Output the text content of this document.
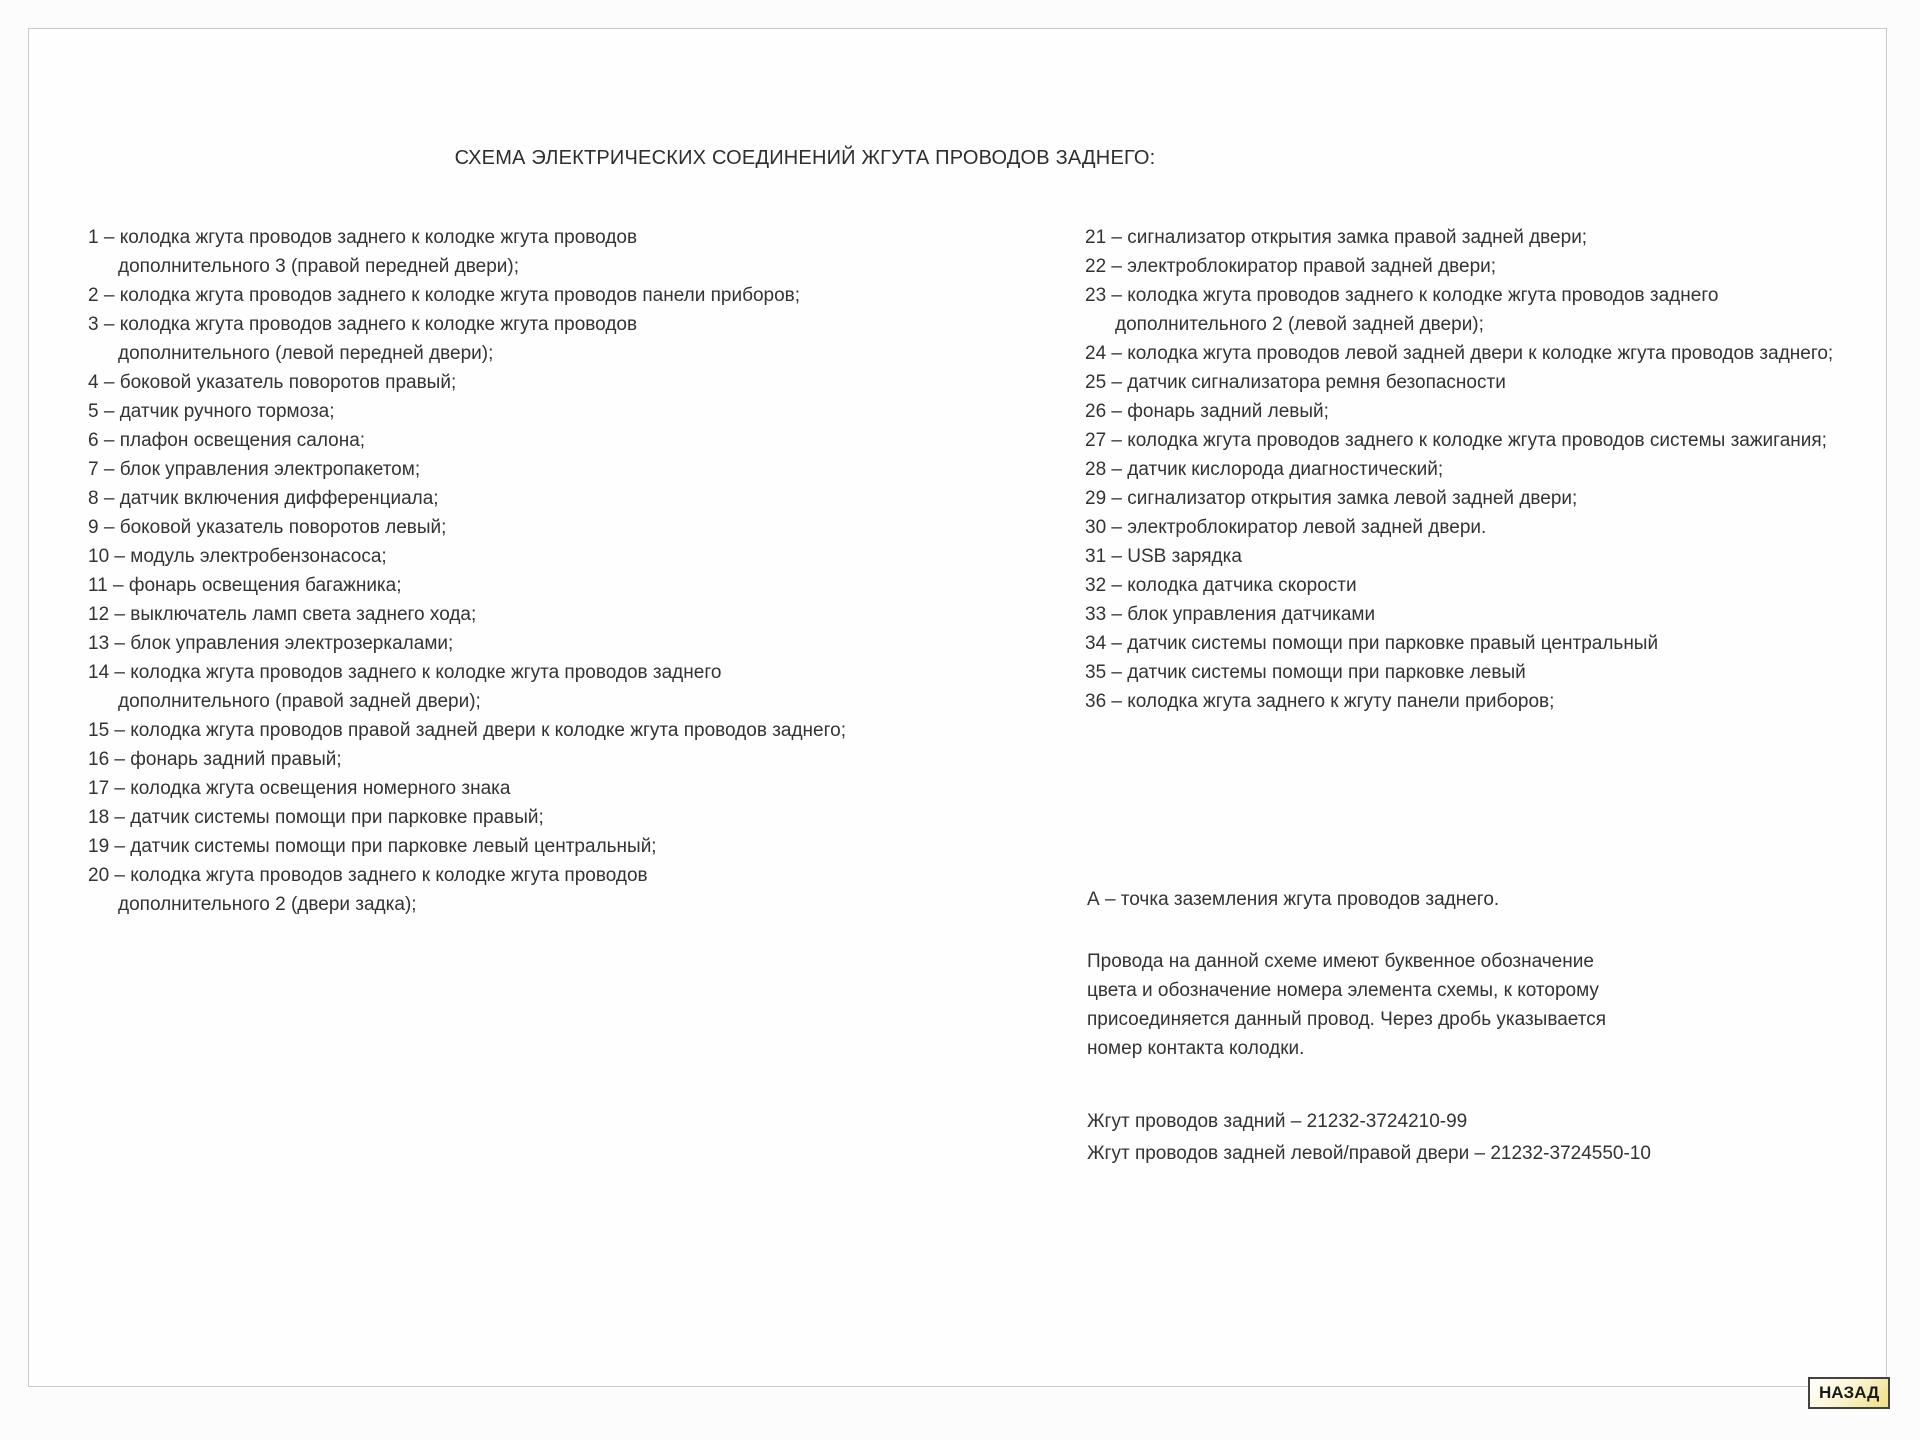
СХЕМА ЭЛЕКТРИЧЕСКИХ СОЕДИНЕНИЙ ЖГУТА ПРОВОДОВ ЗАДНЕГО:
1 – колодка жгута проводов заднего к колодке жгута проводов
дополнительного 3 (правой передней двери);
2 – колодка жгута проводов заднего к колодке жгута проводов панели приборов;
3 – колодка жгута проводов заднего к колодке жгута проводов
дополнительного (левой передней двери);
4 – боковой указатель поворотов правый;
5 – датчик ручного тормоза;
6 – плафон освещения салона;
7 – блок управления электропакетом;
8 – датчик включения дифференциала;
9 – боковой указатель поворотов левый;
10 – модуль электробензонасоса;
11 – фонарь освещения багажника;
12 – выключатель ламп света заднего хода;
13 – блок управления электрозеркалами;
14 – колодка жгута проводов заднего к колодке жгута проводов заднего
дополнительного (правой задней двери);
15 – колодка жгута проводов правой задней двери к колодке жгута проводов заднего;
16 – фонарь задний правый;
17 – колодка жгута освещения номерного знака
18 – датчик системы помощи при парковке правый;
19 – датчик системы помощи при парковке левый центральный;
20 – колодка жгута проводов заднего к колодке жгута проводов
дополнительного 2 (двери задка);
21 – сигнализатор открытия замка правой задней двери;
22 – электроблокиратор правой задней двери;
23 – колодка жгута проводов заднего к колодке жгута проводов заднего
дополнительного 2 (левой задней двери);
24 – колодка жгута проводов левой задней двери к колодке жгута проводов заднего;
25 – датчик сигнализатора ремня безопасности
26 – фонарь задний левый;
27 – колодка жгута проводов заднего к колодке жгута проводов системы зажигания;
28 – датчик кислорода диагностический;
29 – сигнализатор открытия замка левой задней двери;
30 – электроблокиратор левой задней двери.
31 – USB зарядка
32 – колодка датчика скорости
33 – блок управления датчиками
34 – датчик системы помощи при парковке правый центральный
35 – датчик системы помощи при парковке левый
36 – колодка жгута заднего к жгуту панели приборов;
А – точка заземления жгута проводов заднего.
Провода на данной схеме имеют буквенное обозначение
цвета и обозначение номера элемента схемы, к которому
присоединяется данный провод. Через дробь указывается
номер контакта колодки.
Жгут проводов задний – 21232-3724210-99
Жгут проводов задней левой/правой двери – 21232-3724550-10
НАЗАД
